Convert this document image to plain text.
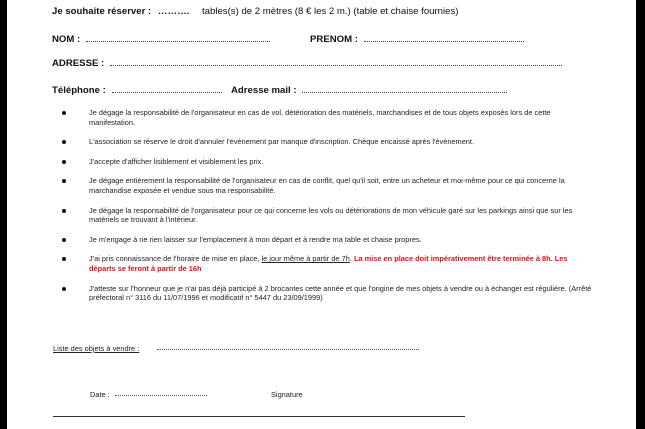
Je souhaite réserver : ………. tables(s) de 2 mètres (8 € les 2 m.) (table et chaise fournies)
NOM :	PRENOM :
ADRESSE :
Téléphone :	Adresse mail :
Je dégage la responsabilité de l'organisateur en cas de vol, détérioration des matériels, marchandises et de tous objets exposés lors de cette manifestation.
L'association se réserve le droit d'annuler l'événement par manque d'inscription. Chèque encaissé après l'événement.
J'accepte d'afficher lisiblement et visiblement les prix.
Je dégage entièrement la responsabilité de l'organisateur en cas de conflit, quel qu'il soit, entre un acheteur et moi-même pour ce qui concerne la marchandise exposée et vendue sous ma responsabilité.
Je dégage la responsabilité de l'organisateur pour ce qui concerne les vols ou détériorations de mon véhicule garé sur les parkings ainsi que sur les matériels se trouvant à l'intérieur.
Je m'engage à ne rien laisser sur l'emplacement à mon départ et à rendre ma table et chaise propres.
J'ai pris connaissance de l'horaire de mise en place, le jour même à partir de 7h. La mise en place doit impérativement être terminée à 8h. Les départs se feront à partir de 16h
J'atteste sur l'honneur que je n'ai pas déjà participé à 2 brocantes cette année et que l'origine de mes objets à vendre ou à échanger est régulière. (Arrêté préfectoral n° 3116 du 11/07/1996 et modificatif n° 5447 du 23/09/1999)
Liste des objets à vendre :
Date :	Signature
